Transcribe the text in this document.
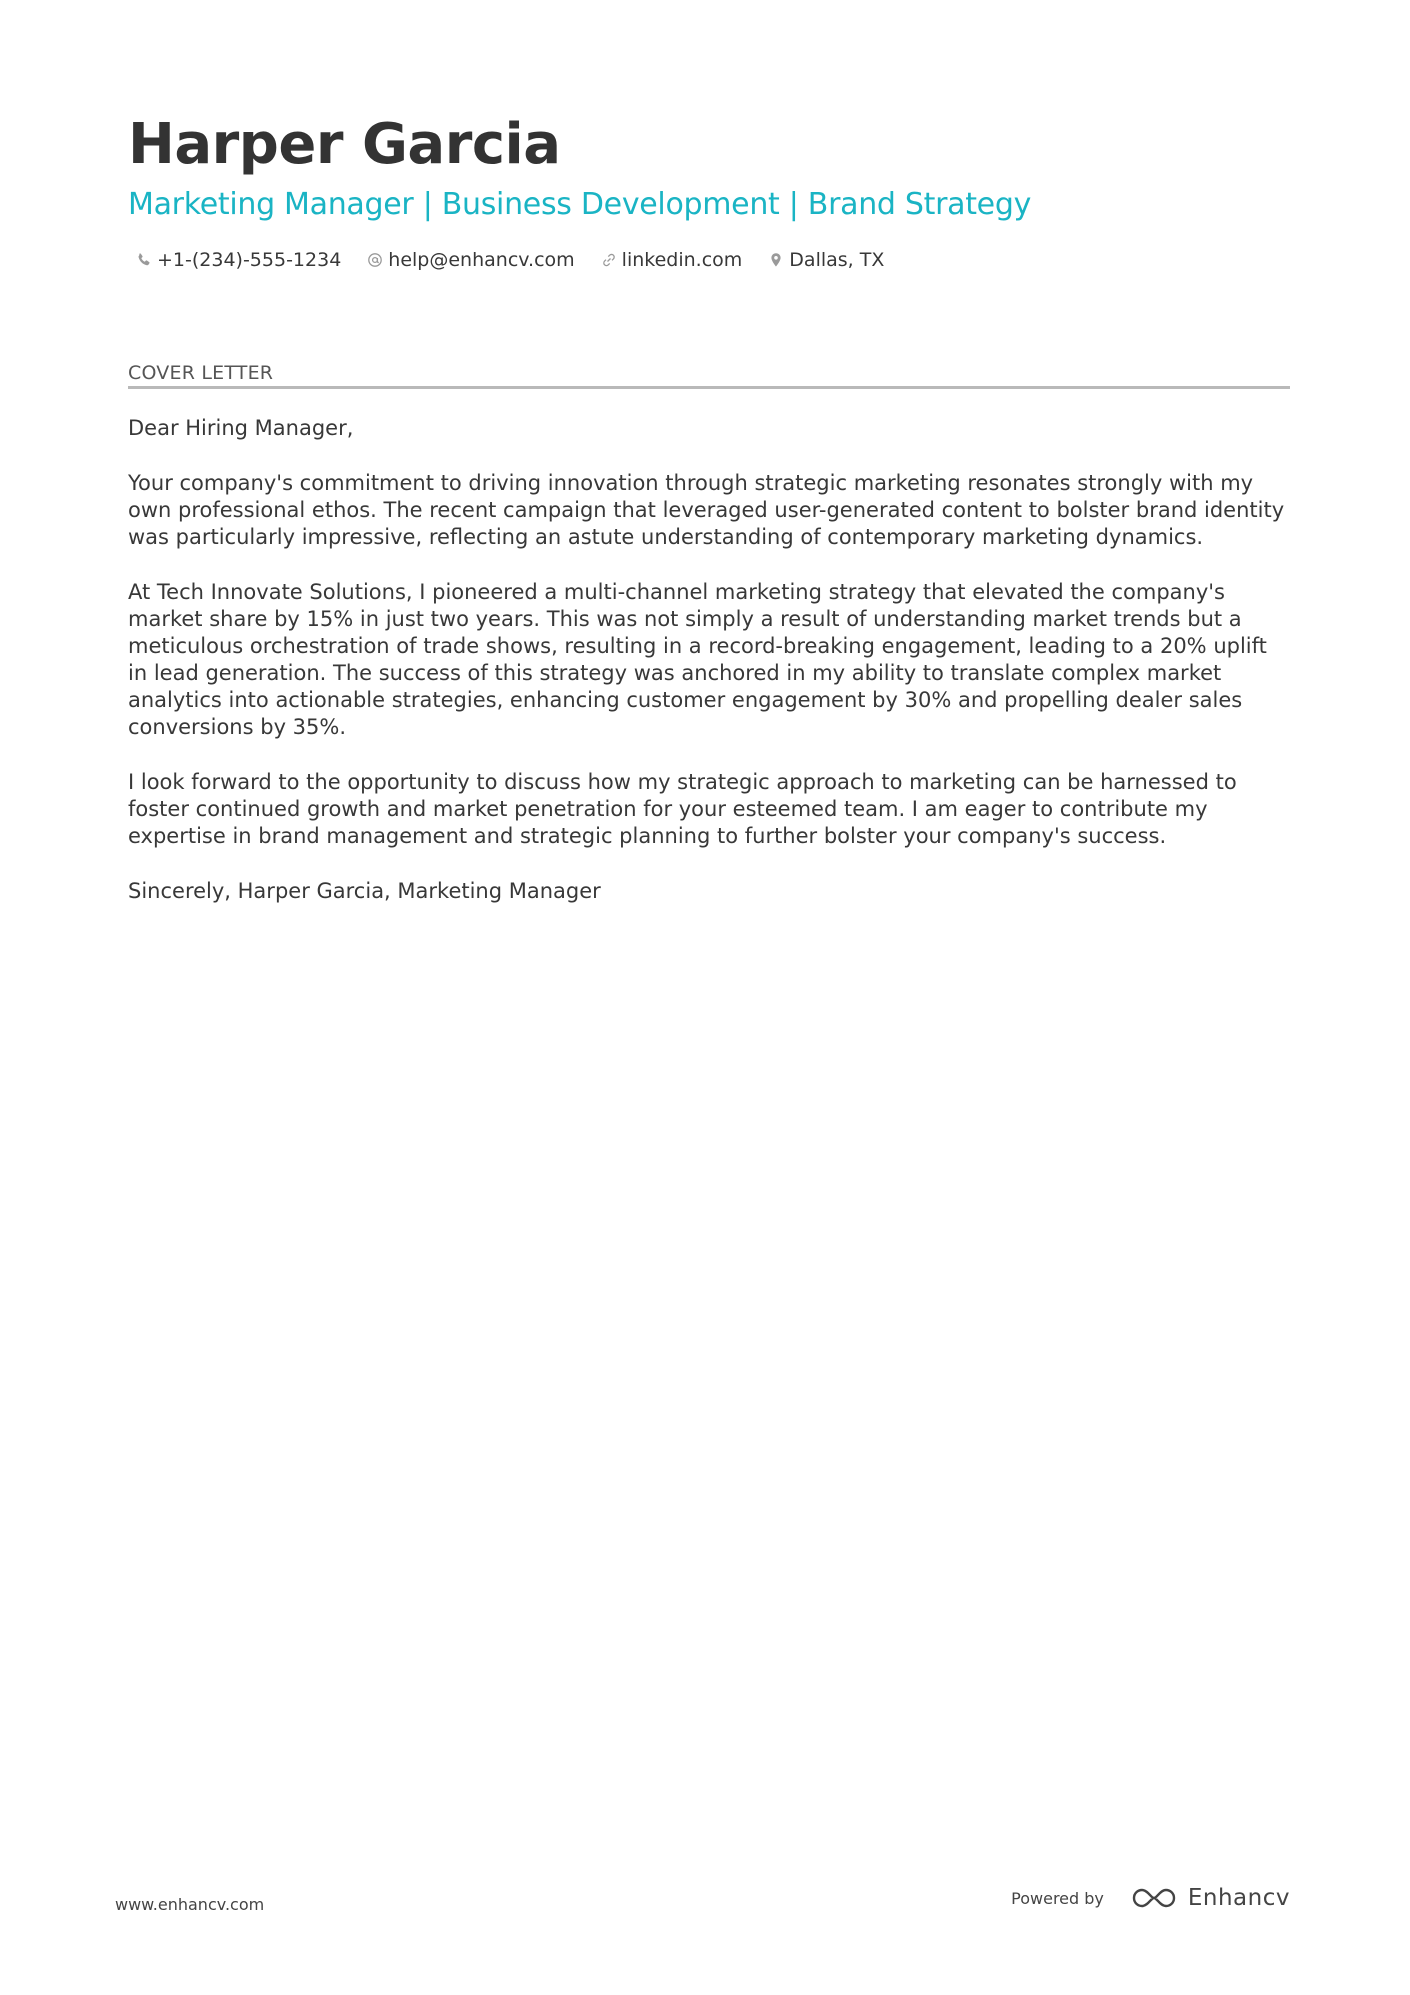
Harper Garcia
Marketing Manager | Business Development | Brand Strategy
+1-(234)-555-1234 help@enhancv.com linkedin.com Dallas, TX
COVER LETTER

Dear Hiring Manager,

Your company's commitment to driving innovation through strategic marketing resonates strongly with my own professional ethos. The recent campaign that leveraged user-generated content to bolster brand identity was particularly impressive, reflecting an astute understanding of contemporary marketing dynamics.

At Tech Innovate Solutions, I pioneered a multi-channel marketing strategy that elevated the company's market share by 15% in just two years. This was not simply a result of understanding market trends but a meticulous orchestration of trade shows, resulting in a record-breaking engagement, leading to a 20% uplift in lead generation. The success of this strategy was anchored in my ability to translate complex market analytics into actionable strategies, enhancing customer engagement by 30% and propelling dealer sales conversions by 35%.

I look forward to the opportunity to discuss how my strategic approach to marketing can be harnessed to foster continued growth and market penetration for your esteemed team. I am eager to contribute my expertise in brand management and strategic planning to further bolster your company's success.

Sincerely, Harper Garcia, Marketing Manager

www.enhancv.com	Powered by	Enhancv
